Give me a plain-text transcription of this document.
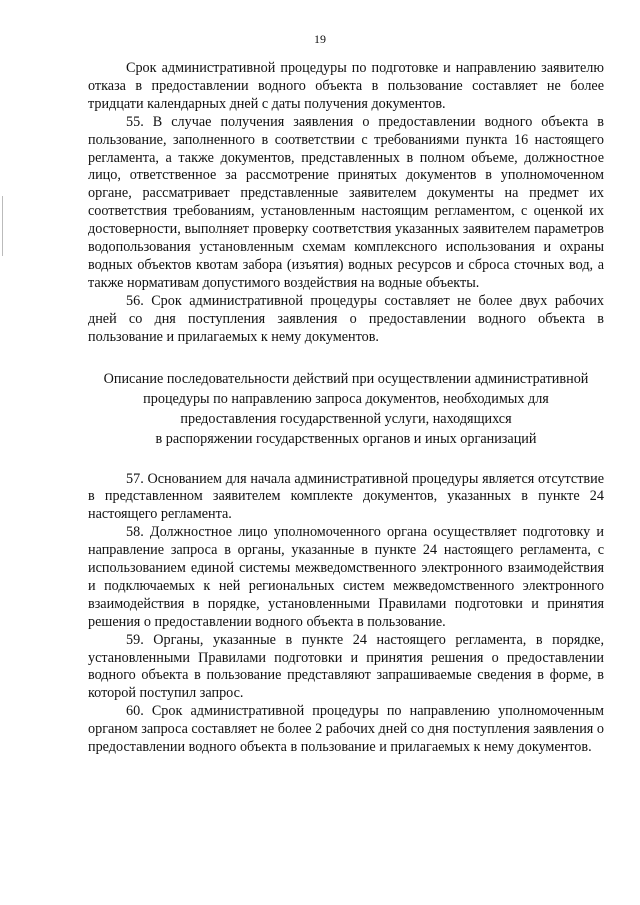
19

Срок административной процедуры по подготовке и направлению заявителю отказа в предоставлении водного объекта в пользование составляет не более тридцати календарных дней с даты получения документов.

55. В случае получения заявления о предоставлении водного объекта в пользование, заполненного в соответствии с требованиями пункта 16 настоящего регламента, а также документов, представленных в полном объеме, должностное лицо, ответственное за рассмотрение принятых документов в уполномоченном органе, рассматривает представленные заявителем документы на предмет их соответствия требованиям, установленным настоящим регламентом, с оценкой их достоверности, выполняет проверку соответствия указанных заявителем параметров водопользования установленным схемам комплексного использования и охраны водных объектов квотам забора (изъятия) водных ресурсов и сброса сточных вод, а также нормативам допустимого воздействия на водные объекты.

56. Срок административной процедуры составляет не более двух рабочих дней со дня поступления заявления о предоставлении водного объекта в пользование и прилагаемых к нему документов.

Описание последовательности действий при осуществлении административной
процедуры по направлению запроса документов, необходимых для
предоставления государственной услуги, находящихся
в распоряжении государственных органов и иных организаций

57. Основанием для начала административной процедуры является отсутствие в представленном заявителем комплекте документов, указанных в пункте 24 настоящего регламента.

58. Должностное лицо уполномоченного органа осуществляет подготовку и направление запроса в органы, указанные в пункте 24 настоящего регламента, с использованием единой системы межведомственного электронного взаимодействия и подключаемых к ней региональных систем межведомственного электронного взаимодействия в порядке, установленными Правилами подготовки и принятия решения о предоставлении водного объекта в пользование.

59. Органы, указанные в пункте 24 настоящего регламента, в порядке, установленными Правилами подготовки и принятия решения о предоставлении водного объекта в пользование представляют запрашиваемые сведения в форме, в которой поступил запрос.

60. Срок административной процедуры по направлению уполномоченным органом запроса составляет не более 2 рабочих дней со дня поступления заявления о предоставлении водного объекта в пользование и прилагаемых к нему документов.
